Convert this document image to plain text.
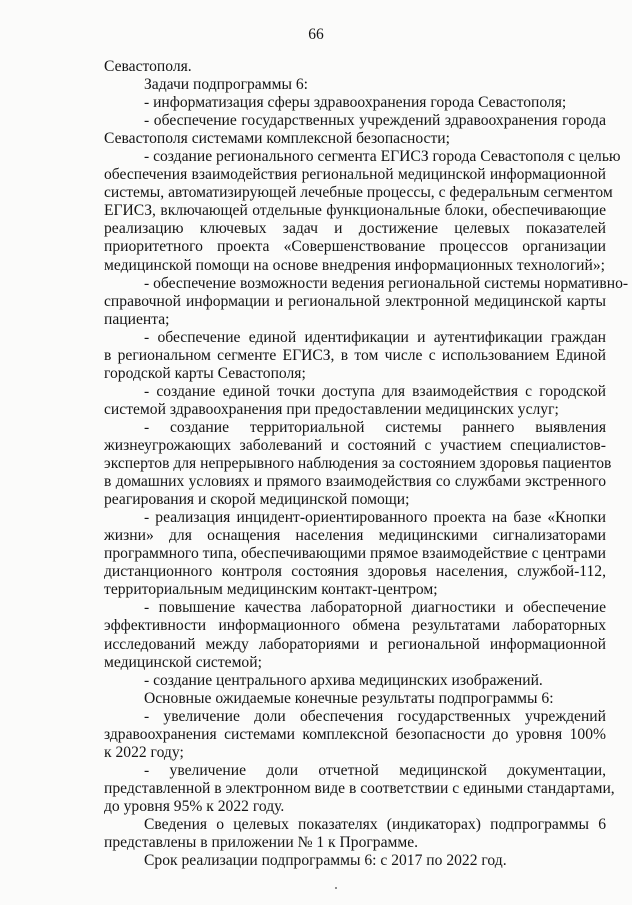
66
Севастополя.
Задачи подпрограммы 6:
- информатизация сферы здравоохранения города Севастополя;
- обеспечение государственных учреждений здравоохранения города
Севастополя системами комплексной безопасности;
- создание регионального сегмента ЕГИСЗ города Севастополя с целью
обеспечения взаимодействия региональной медицинской информационной
системы, автоматизирующей лечебные процессы, с федеральным сегментом
ЕГИСЗ, включающей отдельные функциональные блоки, обеспечивающие
реализацию ключевых задач и достижение целевых показателей
приоритетного проекта «Совершенствование процессов организации
медицинской помощи на основе внедрения информационных технологий»;
- обеспечение возможности ведения региональной системы нормативно-
справочной информации и региональной электронной медицинской карты
пациента;
- обеспечение единой идентификации и аутентификации граждан
в региональном сегменте ЕГИСЗ, в том числе с использованием Единой
городской карты Севастополя;
- создание единой точки доступа для взаимодействия с городской
системой здравоохранения при предоставлении медицинских услуг;
- создание территориальной системы раннего выявления
жизнеугрожающих заболеваний и состояний с участием специалистов-
экспертов для непрерывного наблюдения за состоянием здоровья пациентов
в домашних условиях и прямого взаимодействия со службами экстренного
реагирования и скорой медицинской помощи;
- реализация инцидент-ориентированного проекта на базе «Кнопки
жизни» для оснащения населения медицинскими сигнализаторами
программного типа, обеспечивающими прямое взаимодействие с центрами
дистанционного контроля состояния здоровья населения, службой-112,
территориальным медицинским контакт-центром;
- повышение качества лабораторной диагностики и обеспечение
эффективности информационного обмена результатами лабораторных
исследований между лабораториями и региональной информационной
медицинской системой;
- создание центрального архива медицинских изображений.
Основные ожидаемые конечные результаты подпрограммы 6:
- увеличение доли обеспечения государственных учреждений
здравоохранения системами комплексной безопасности до уровня 100%
к 2022 году;
- увеличение доли отчетной медицинской документации,
представленной в электронном виде в соответствии с едиными стандартами,
до уровня 95% к 2022 году.
Сведения о целевых показателях (индикаторах) подпрограммы 6
представлены в приложении № 1 к Программе.
Срок реализации подпрограммы 6: с 2017 по 2022 год.
